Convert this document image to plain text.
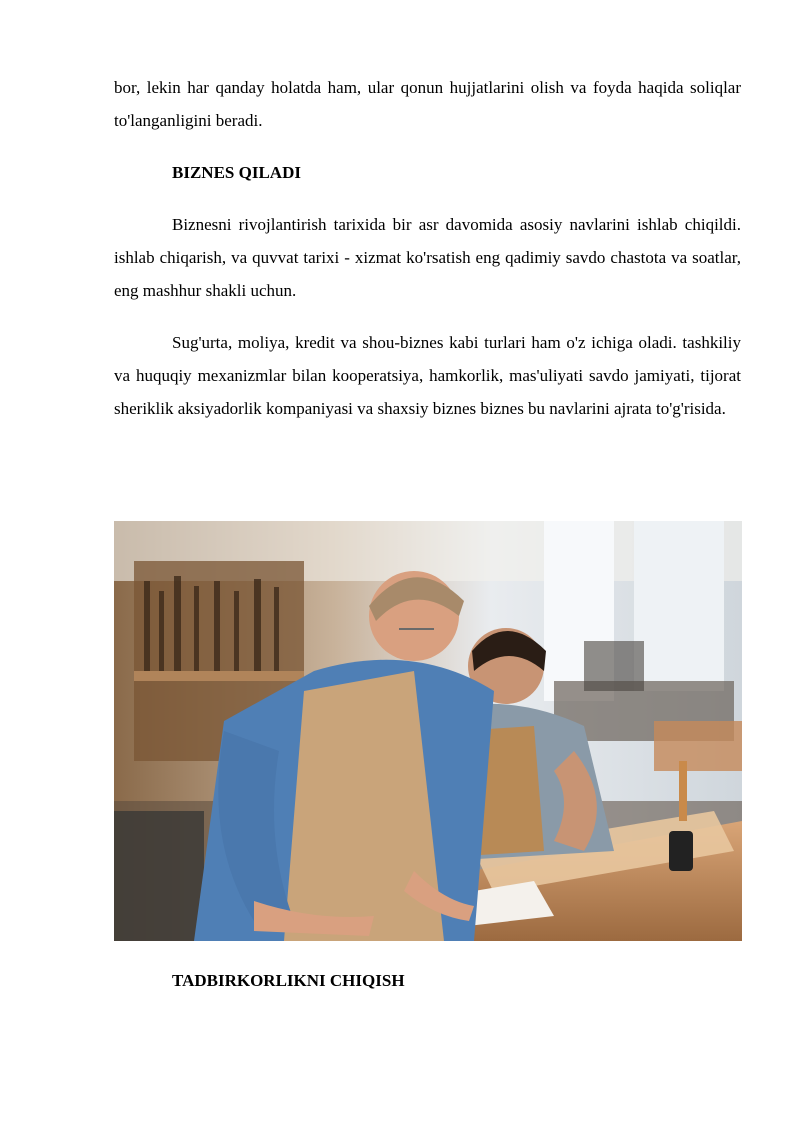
bor, lekin har qanday holatda ham, ular qonun hujjatlarini olish va foyda haqida soliqlar to'langanligini beradi.
BIZNES QILADI
Biznesni rivojlantirish tarixida bir asr davomida asosiy navlarini ishlab chiqildi. ishlab chiqarish, va quvvat tarixi - xizmat ko'rsatish eng qadimiy savdo chastota va soatlar, eng mashhur shakli uchun.
Sug'urta, moliya, kredit va shou-biznes kabi turlari ham o'z ichiga oladi. tashkiliy va huquqiy mexanizmlar bilan kooperatsiya, hamkorlik, mas'uliyati savdo jamiyati, tijorat sheriklik aksiyadorlik kompaniyasi va shaxsiy biznes biznes bu navlarini ajrata to'g'risida.
TADBIRKORLIKNI CHIQISH
